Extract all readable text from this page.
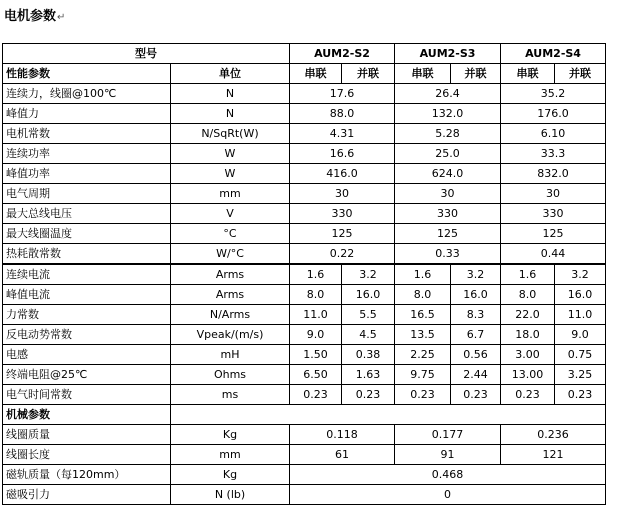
电机参数↵
型号		AUM2-S2		AUM2-S3		AUM2-S4	
性能参数	单位	串联	并联	串联	并联	串联	并联
连续力，线圈@100℃	N	17.6		26.4		35.2	
峰值力	N	88.0		132.0		176.0	
电机常数	N/SqRt(W)	4.31		5.28		6.10	
连续功率	W	16.6		25.0		33.3	
峰值功率	W	416.0		624.0		832.0	
电气周期	mm	30		30		30	
最大总线电压	V	330		330		330	
最大线圈温度	°C	125		125		125	
热耗散常数	W/°C	0.22		0.33		0.44	
连续电流	Arms	1.6	3.2	1.6	3.2	1.6	3.2
峰值电流	Arms	8.0	16.0	8.0	16.0	8.0	16.0
力常数	N/Arms	11.0	5.5	16.5	8.3	22.0	11.0
反电动势常数	Vpeak/(m/s)	9.0	4.5	13.5	6.7	18.0	9.0
电感	mH	1.50	0.38	2.25	0.56	3.00	0.75
终端电阻@25℃	Ohms	6.50	1.63	9.75	2.44	13.00	3.25
电气时间常数	ms	0.23	0.23	0.23	0.23	0.23	0.23
机械参数							
线圈质量	Kg	0.118		0.177		0.236	
线圈长度	mm	61		91		121	
磁轨质量（每120mm）	Kg	0.468					
磁吸引力	N (lb)	0					
